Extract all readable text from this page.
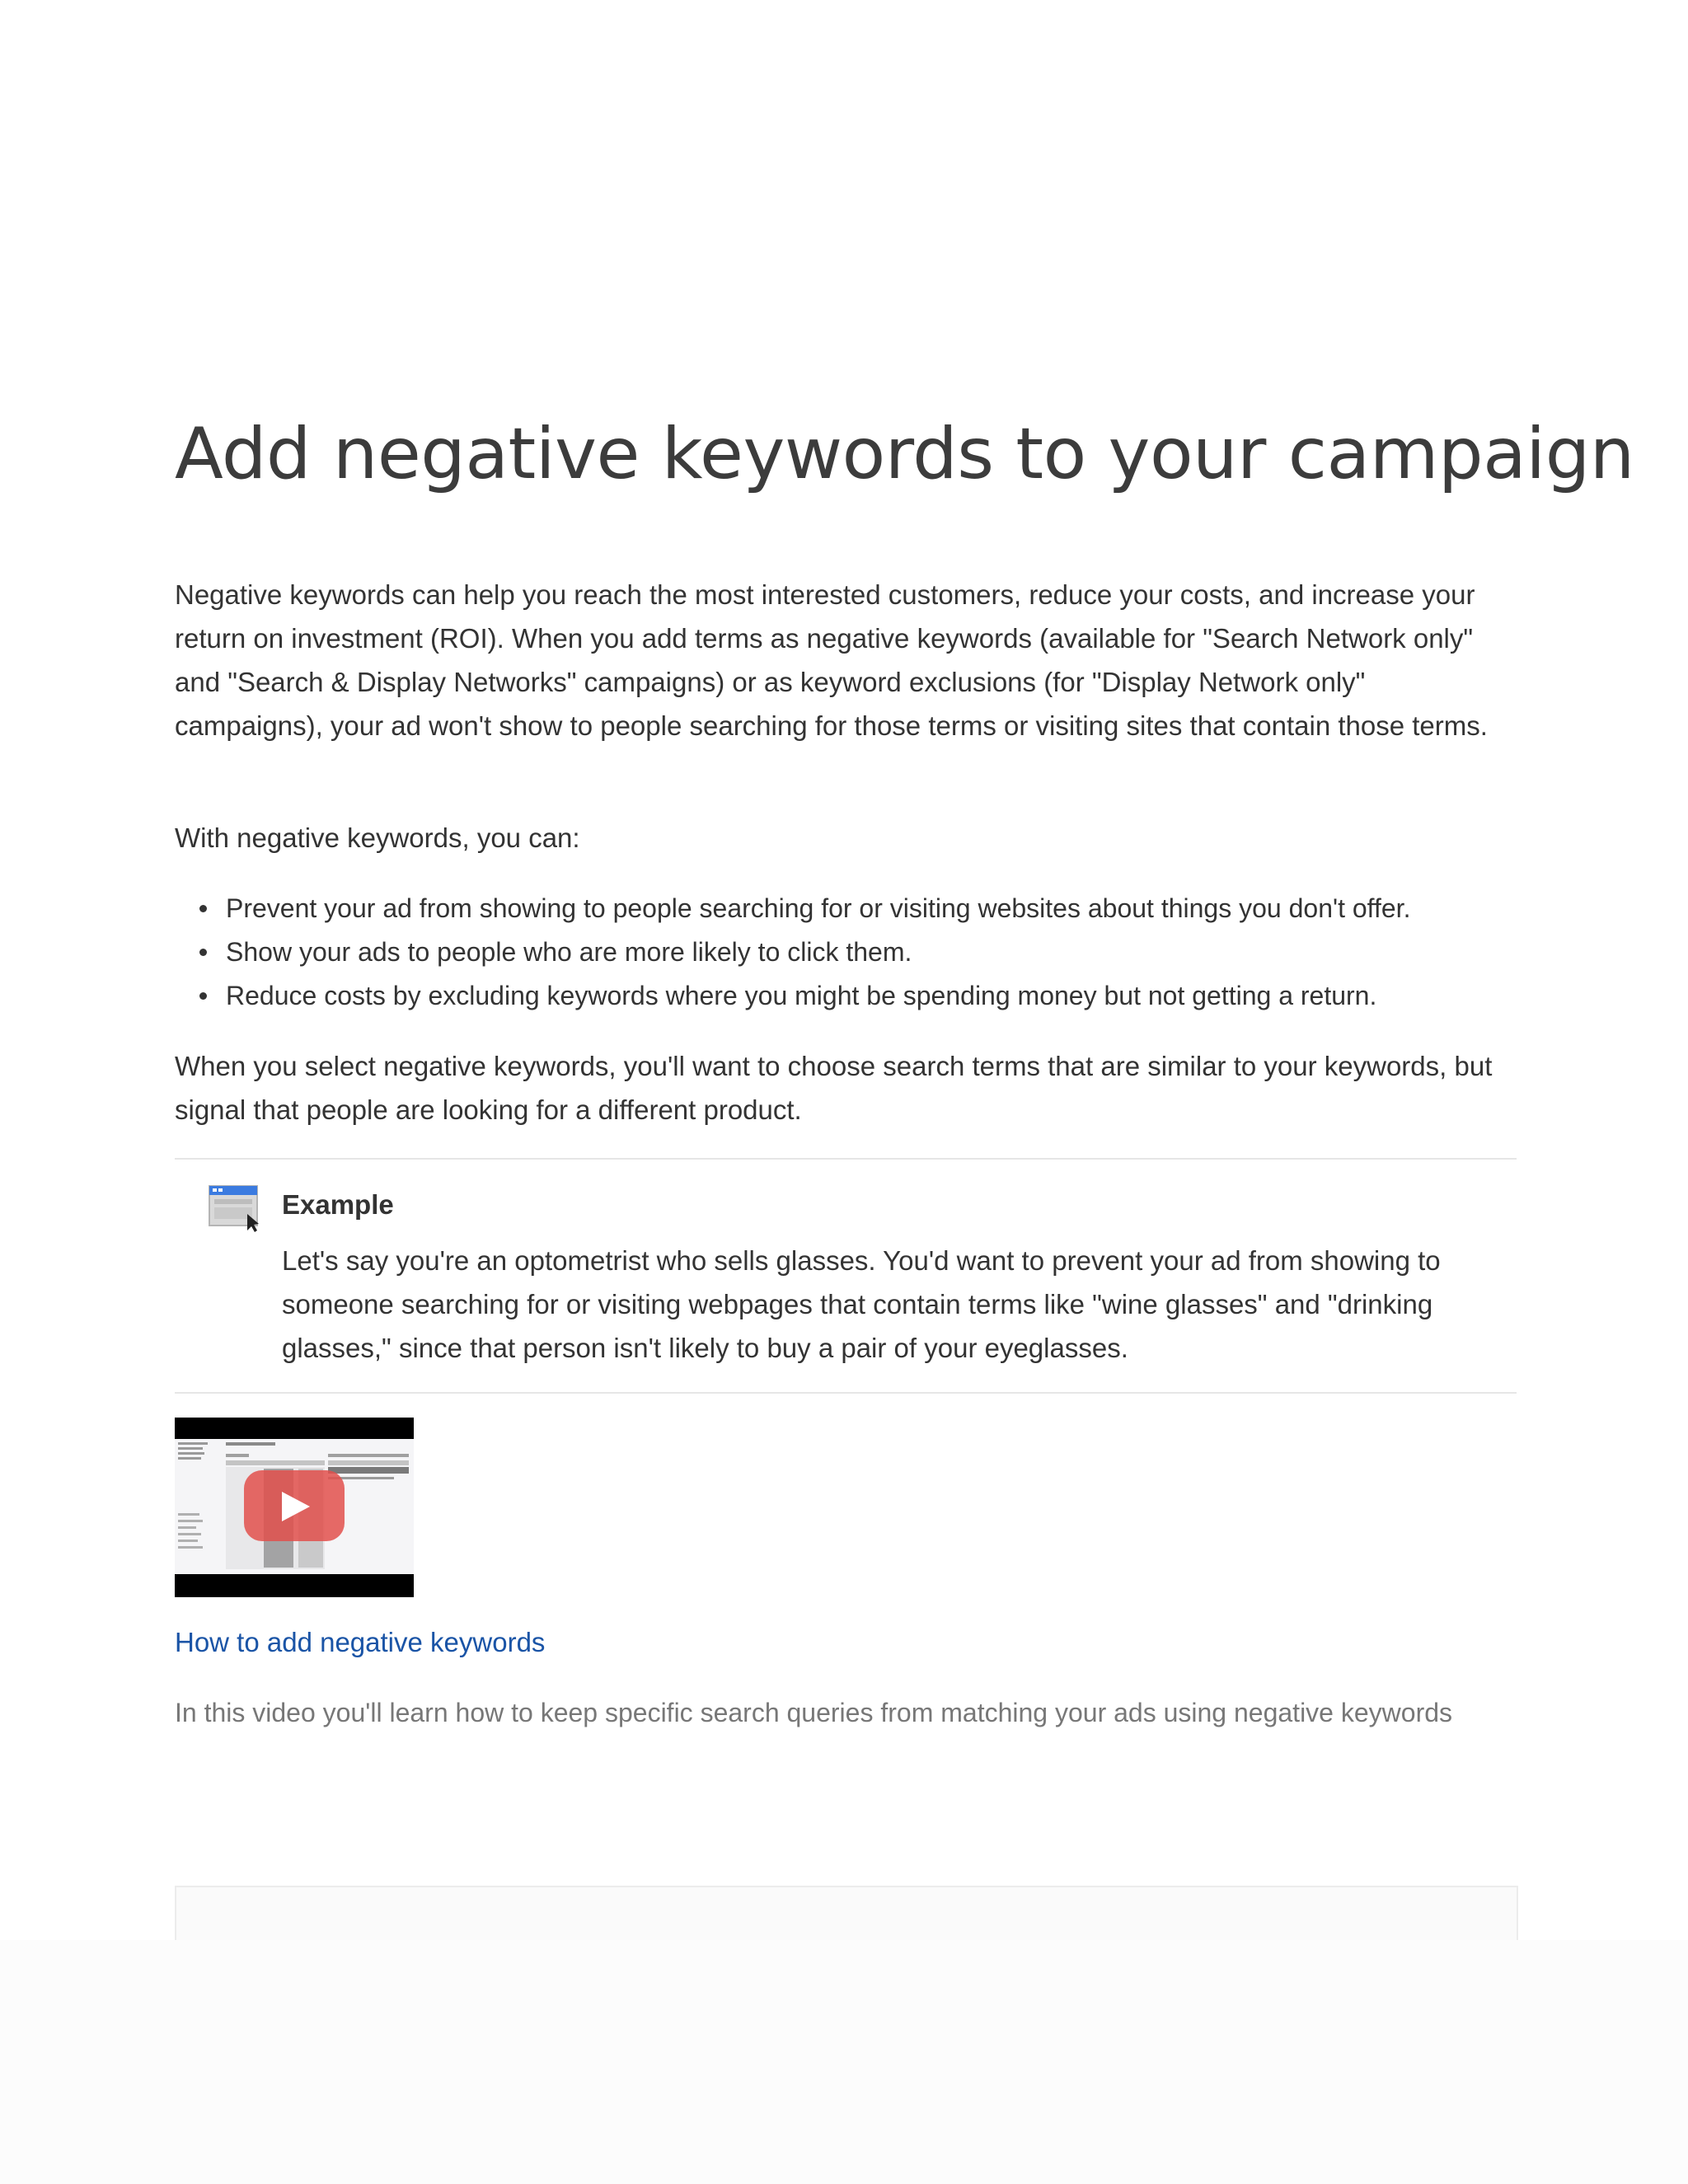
Add negative keywords to your campaign

Negative keywords can help you reach the most interested customers, reduce your costs, and increase your return on investment (ROI). When you add terms as negative keywords (available for "Search Network only" and "Search & Display Networks" campaigns) or as keyword exclusions (for "Display Network only" campaigns), your ad won't show to people searching for those terms or visiting sites that contain those terms.

With negative keywords, you can:

Prevent your ad from showing to people searching for or visiting websites about things you don't offer.
Show your ads to people who are more likely to click them.
Reduce costs by excluding keywords where you might be spending money but not getting a return.

When you select negative keywords, you'll want to choose search terms that are similar to your keywords, but signal that people are looking for a different product.

Example

Let's say you're an optometrist who sells glasses. You'd want to prevent your ad from showing to someone searching for or visiting webpages that contain terms like "wine glasses" and "drinking glasses," since that person isn't likely to buy a pair of your eyeglasses.

How to add negative keywords

In this video you'll learn how to keep specific search queries from matching your ads using negative keywords
